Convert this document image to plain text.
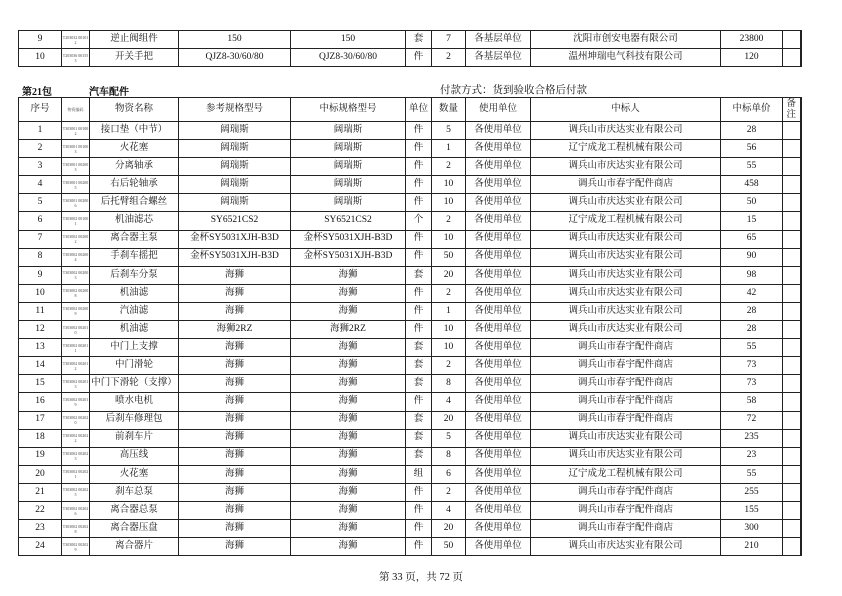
9	T203032 001012	逆止阀组件	150	150	套	7	各基层单位	沈阳市创安电器有限公司	23800	
10	T203036 001553	开关手把	QJZ8-30/60/80	QJZ8-30/60/80	件	2	各基层单位	温州坤瑞电气科技有限公司	120	
第21包	汽车配件	付款方式：货到验收合格后付款
序号	物资编码	物资名称	参考规格型号	中标规格型号	单位	数量	使用单位	中标人	中标单价	备注
1	T303001 001002	接口垫（中节）	阔瑞斯	阔瑞斯	件	5	各使用单位	调兵山市庆达实业有限公司	28	
2	T303001 001003	火花塞	阔瑞斯	阔瑞斯	件	1	各使用单位	辽宁成龙工程机械有限公司	56	
3	T303001 002003	分离轴承	阔瑞斯	阔瑞斯	件	2	各使用单位	调兵山市庆达实业有限公司	55	
4	T303001 002005	右后轮轴承	阔瑞斯	阔瑞斯	件	10	各使用单位	调兵山市春宇配件商店	458	
5	T303001 002006	后托臂组合螺丝	阔瑞斯	阔瑞斯	件	10	各使用单位	调兵山市庆达实业有限公司	50	
6	T303002 001001	机油滤芯	SY6521CS2	SY6521CS2	个	2	各使用单位	辽宁成龙工程机械有限公司	15	
7	T303002 002002	离合器主泵	金杯SY5031XJH-B3D	金杯SY5031XJH-B3D	件	10	各使用单位	调兵山市庆达实业有限公司	65	
8	T303002 002004	手刹车摇把	金杯SY5031XJH-B3D	金杯SY5031XJH-B3D	件	50	各使用单位	调兵山市庆达实业有限公司	90	
9	T303002 002003	后刹车分泵	海狮	海狮	套	20	各使用单位	调兵山市庆达实业有限公司	98	
10	T303002 002008	机油滤	海狮	海狮	件	2	各使用单位	调兵山市庆达实业有限公司	42	
11	T303002 002009	汽油滤	海狮	海狮	件	1	各使用单位	调兵山市庆达实业有限公司	28	
12	T303002 002010	机油滤	海狮2RZ	海狮2RZ	件	10	各使用单位	调兵山市庆达实业有限公司	28	
13	T303002 002011	中门上支撑	海狮	海狮	套	10	各使用单位	调兵山市春宇配件商店	55	
14	T303002 002012	中门滑轮	海狮	海狮	套	2	各使用单位	调兵山市春宇配件商店	73	
15	T303002 002013	中门下滑轮（支撑）	海狮	海狮	套	8	各使用单位	调兵山市春宇配件商店	73	
16	T303002 002019	喷水电机	海狮	海狮	件	4	各使用单位	调兵山市春宇配件商店	58	
17	T303002 002020	后刹车修理包	海狮	海狮	套	20	各使用单位	调兵山市春宇配件商店	72	
18	T303002 002022	前刹车片	海狮	海狮	套	5	各使用单位	调兵山市庆达实业有限公司	235	
19	T303002 002023	高压线	海狮	海狮	套	8	各使用单位	调兵山市庆达实业有限公司	23	
20	T303002 002021	火花塞	海狮	海狮	组	6	各使用单位	辽宁成龙工程机械有限公司	55	
21	T303002 002025	刹车总泵	海狮	海狮	件	2	各使用单位	调兵山市春宇配件商店	255	
22	T303002 002026	离合器总泵	海狮	海狮	件	4	各使用单位	调兵山市春宇配件商店	155	
23	T303002 002028	离合器压盘	海狮	海狮	件	20	各使用单位	调兵山市春宇配件商店	300	
24	T303002 002029	离合器片	海狮	海狮	件	50	各使用单位	调兵山市庆达实业有限公司	210	
第 33 页，共 72 页
